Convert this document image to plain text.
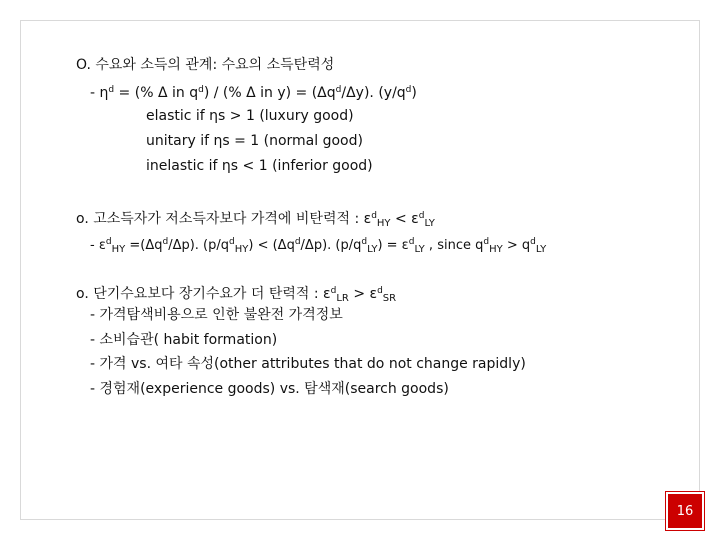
O. 수요와 소득의 관계: 수요의 소득탄력성
- $\eta^d$ = (% Δ in $q^d$) / (% Δ in $y) = (\Delta q^d/\Delta y)$. $(y/q^d)$
elastic if ηs > 1 (luxury good)
unitary if ηs = 1 (normal good)
inelastic if ηs < 1 (inferior good)
o. 고소득자가 저소득자보다 가격에 비탄력적 : $\varepsilon^d_{HY} < \varepsilon^d_{LY}$
- $\varepsilon^d_{HY} =(\Delta q^d/\Delta p)$. $(p/q^d_{HY}) < (\Delta q^d/\Delta p)$. $(p/q^d_{LY}) = \varepsilon^d_{LY}$ , since $q^d_{HY} > q^d_{LY}$
o. 단기수요보다 장기수요가 더 탄력적 : $\varepsilon^d_{LR} > \varepsilon^d_{SR}$
- 가격탐색비용으로 인한 불완전 가격정보
- 소비습관( habit formation)
- 가격 vs. 여타 속성(other attributes that do not change rapidly)
- 경험재(experience goods) vs. 탐색재(search goods)
16
